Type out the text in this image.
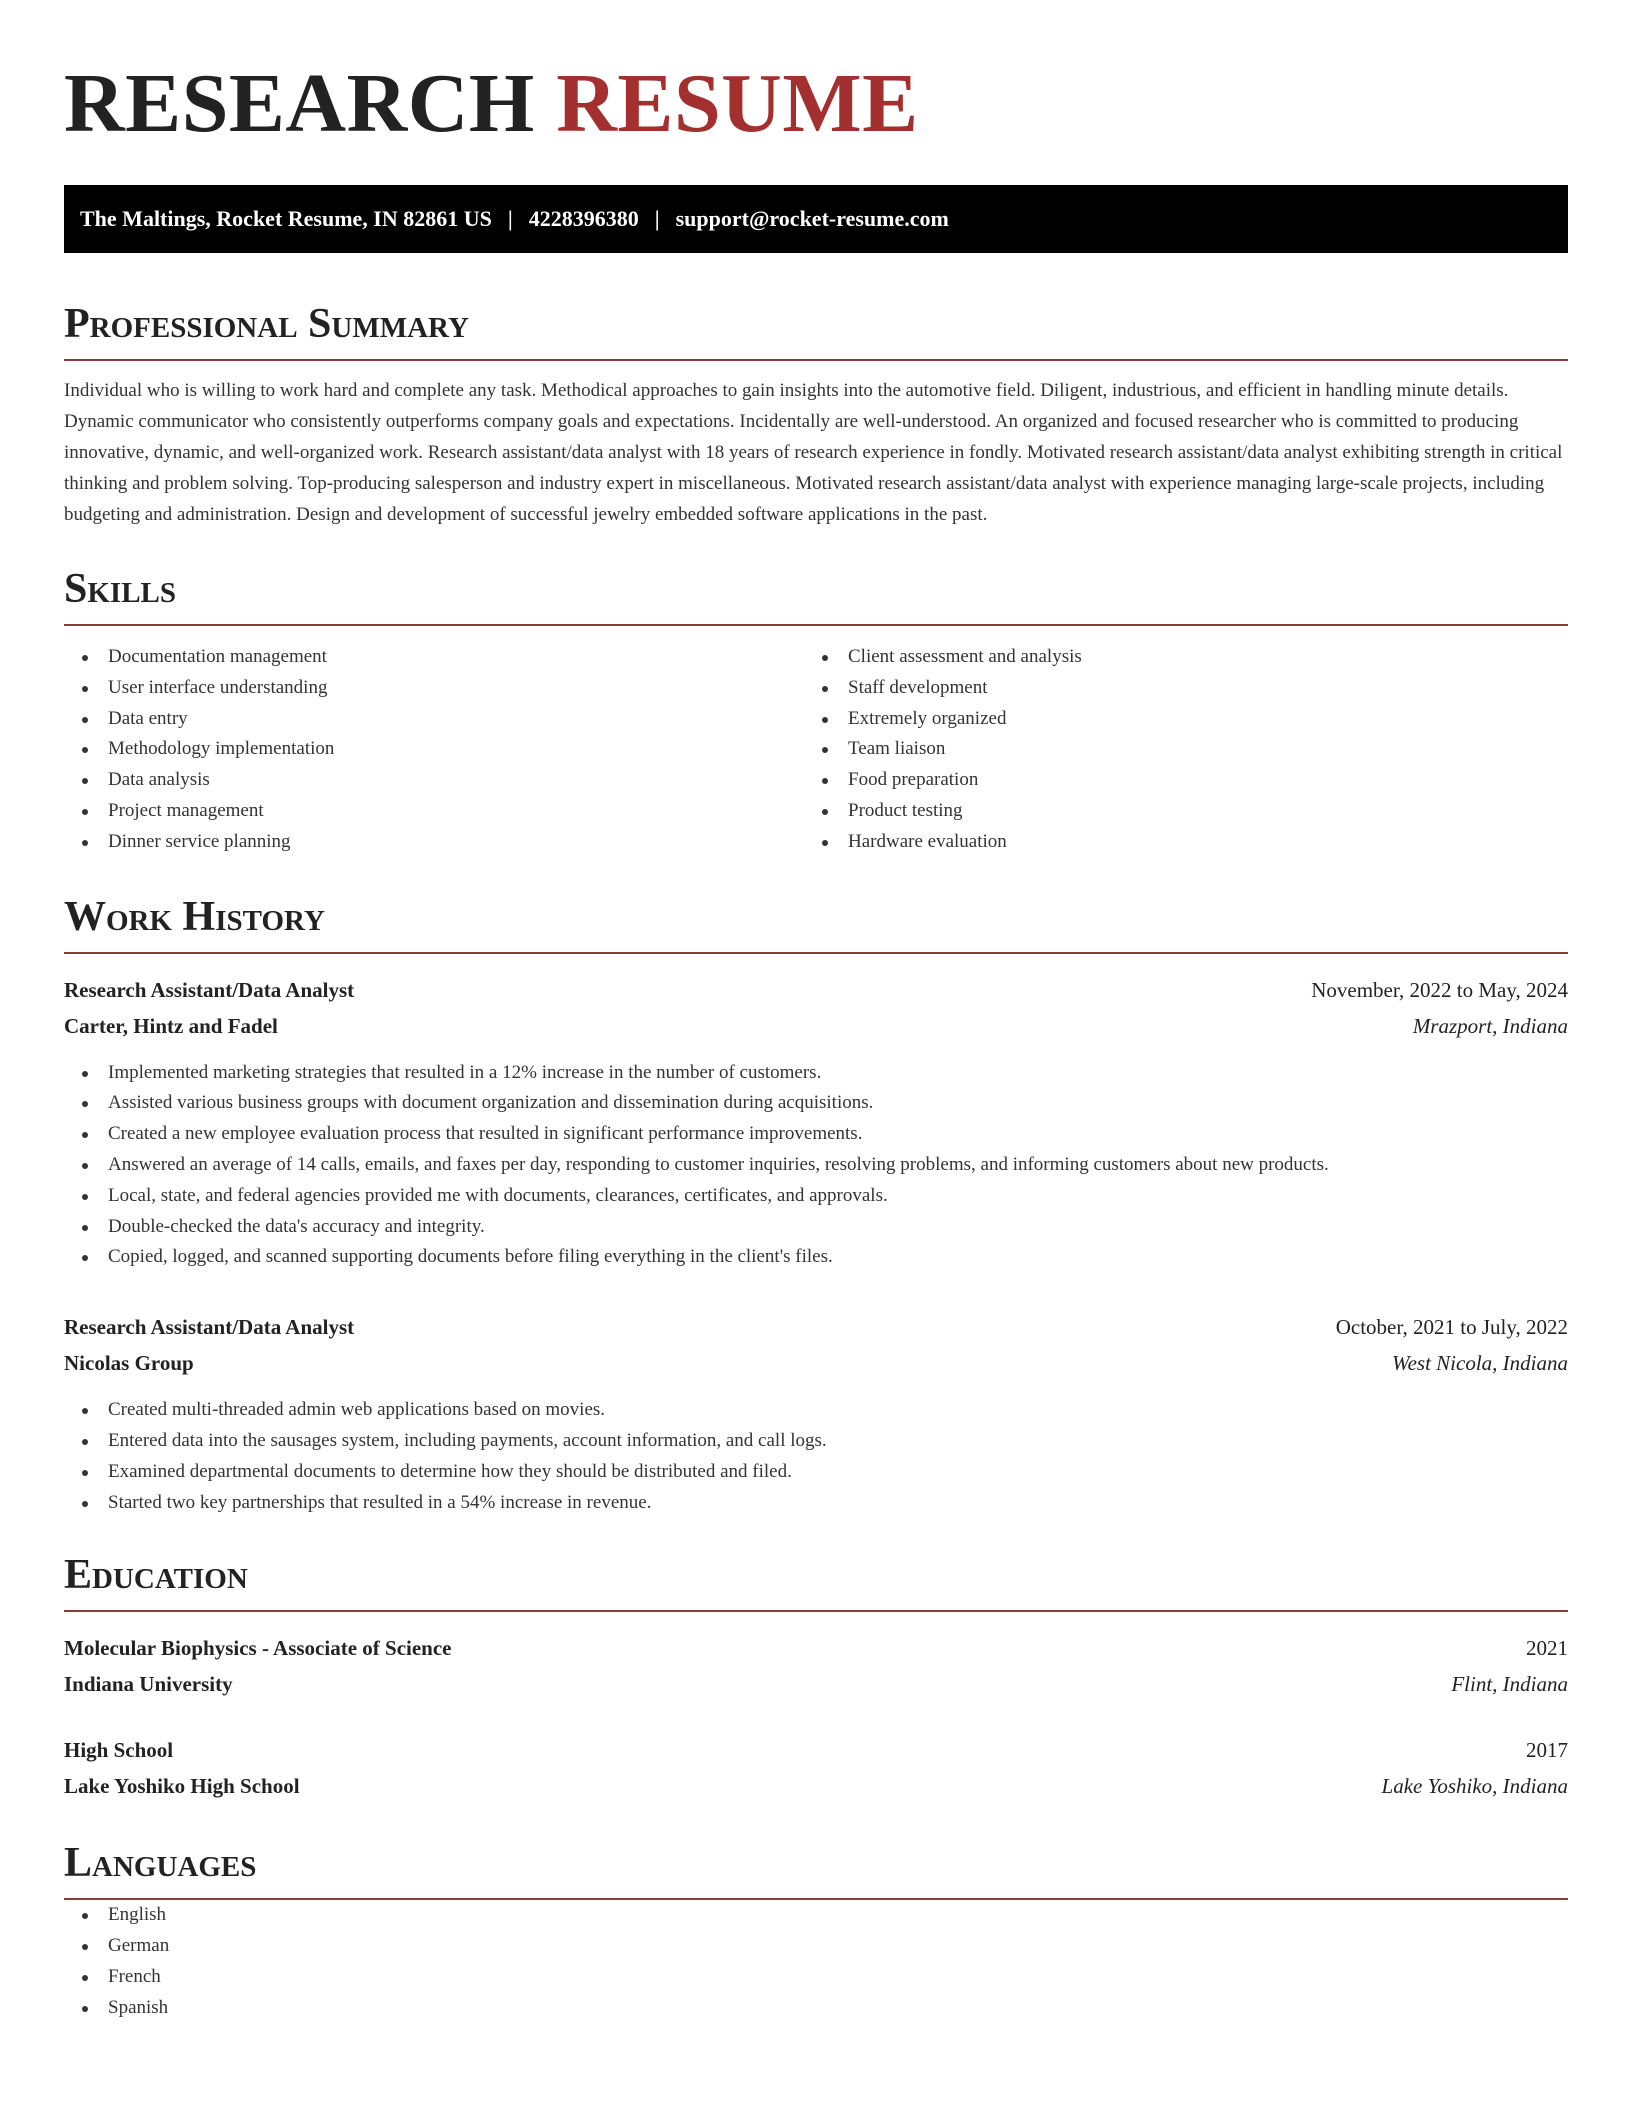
RESEARCH RESUME
The Maltings, Rocket Resume, IN 82861 US | 4228396380 | support@rocket-resume.com
Professional Summary

Individual who is willing to work hard and complete any task. Methodical approaches to gain insights into the automotive field. Diligent, industrious, and efficient in handling minute details. Dynamic communicator who consistently outperforms company goals and expectations. Incidentally are well-understood. An organized and focused researcher who is committed to producing innovative, dynamic, and well-organized work. Research assistant/data analyst with 18 years of research experience in fondly. Motivated research assistant/data analyst exhibiting strength in critical thinking and problem solving. Top-producing salesperson and industry expert in miscellaneous. Motivated research assistant/data analyst with experience managing large-scale projects, including budgeting and administration. Design and development of successful jewelry embedded software applications in the past.

Skills
Documentation management
User interface understanding
Data entry
Methodology implementation
Data analysis
Project management
Dinner service planning
Client assessment and analysis
Staff development
Extremely organized
Team liaison
Food preparation
Product testing
Hardware evaluation
Work History
Research Assistant/Data Analyst	November, 2022 to May, 2024
Carter, Hintz and Fadel	Mrazport, Indiana
Implemented marketing strategies that resulted in a 12% increase in the number of customers.
Assisted various business groups with document organization and dissemination during acquisitions.
Created a new employee evaluation process that resulted in significant performance improvements.
Answered an average of 14 calls, emails, and faxes per day, responding to customer inquiries, resolving problems, and informing customers about new products.
Local, state, and federal agencies provided me with documents, clearances, certificates, and approvals.
Double-checked the data's accuracy and integrity.
Copied, logged, and scanned supporting documents before filing everything in the client's files.
Research Assistant/Data Analyst	October, 2021 to July, 2022
Nicolas Group	West Nicola, Indiana
Created multi-threaded admin web applications based on movies.
Entered data into the sausages system, including payments, account information, and call logs.
Examined departmental documents to determine how they should be distributed and filed.
Started two key partnerships that resulted in a 54% increase in revenue.
Education
Molecular Biophysics - Associate of Science	2021
Indiana University	Flint, Indiana
High School	2017
Lake Yoshiko High School	Lake Yoshiko, Indiana
Languages
English
German
French
Spanish
